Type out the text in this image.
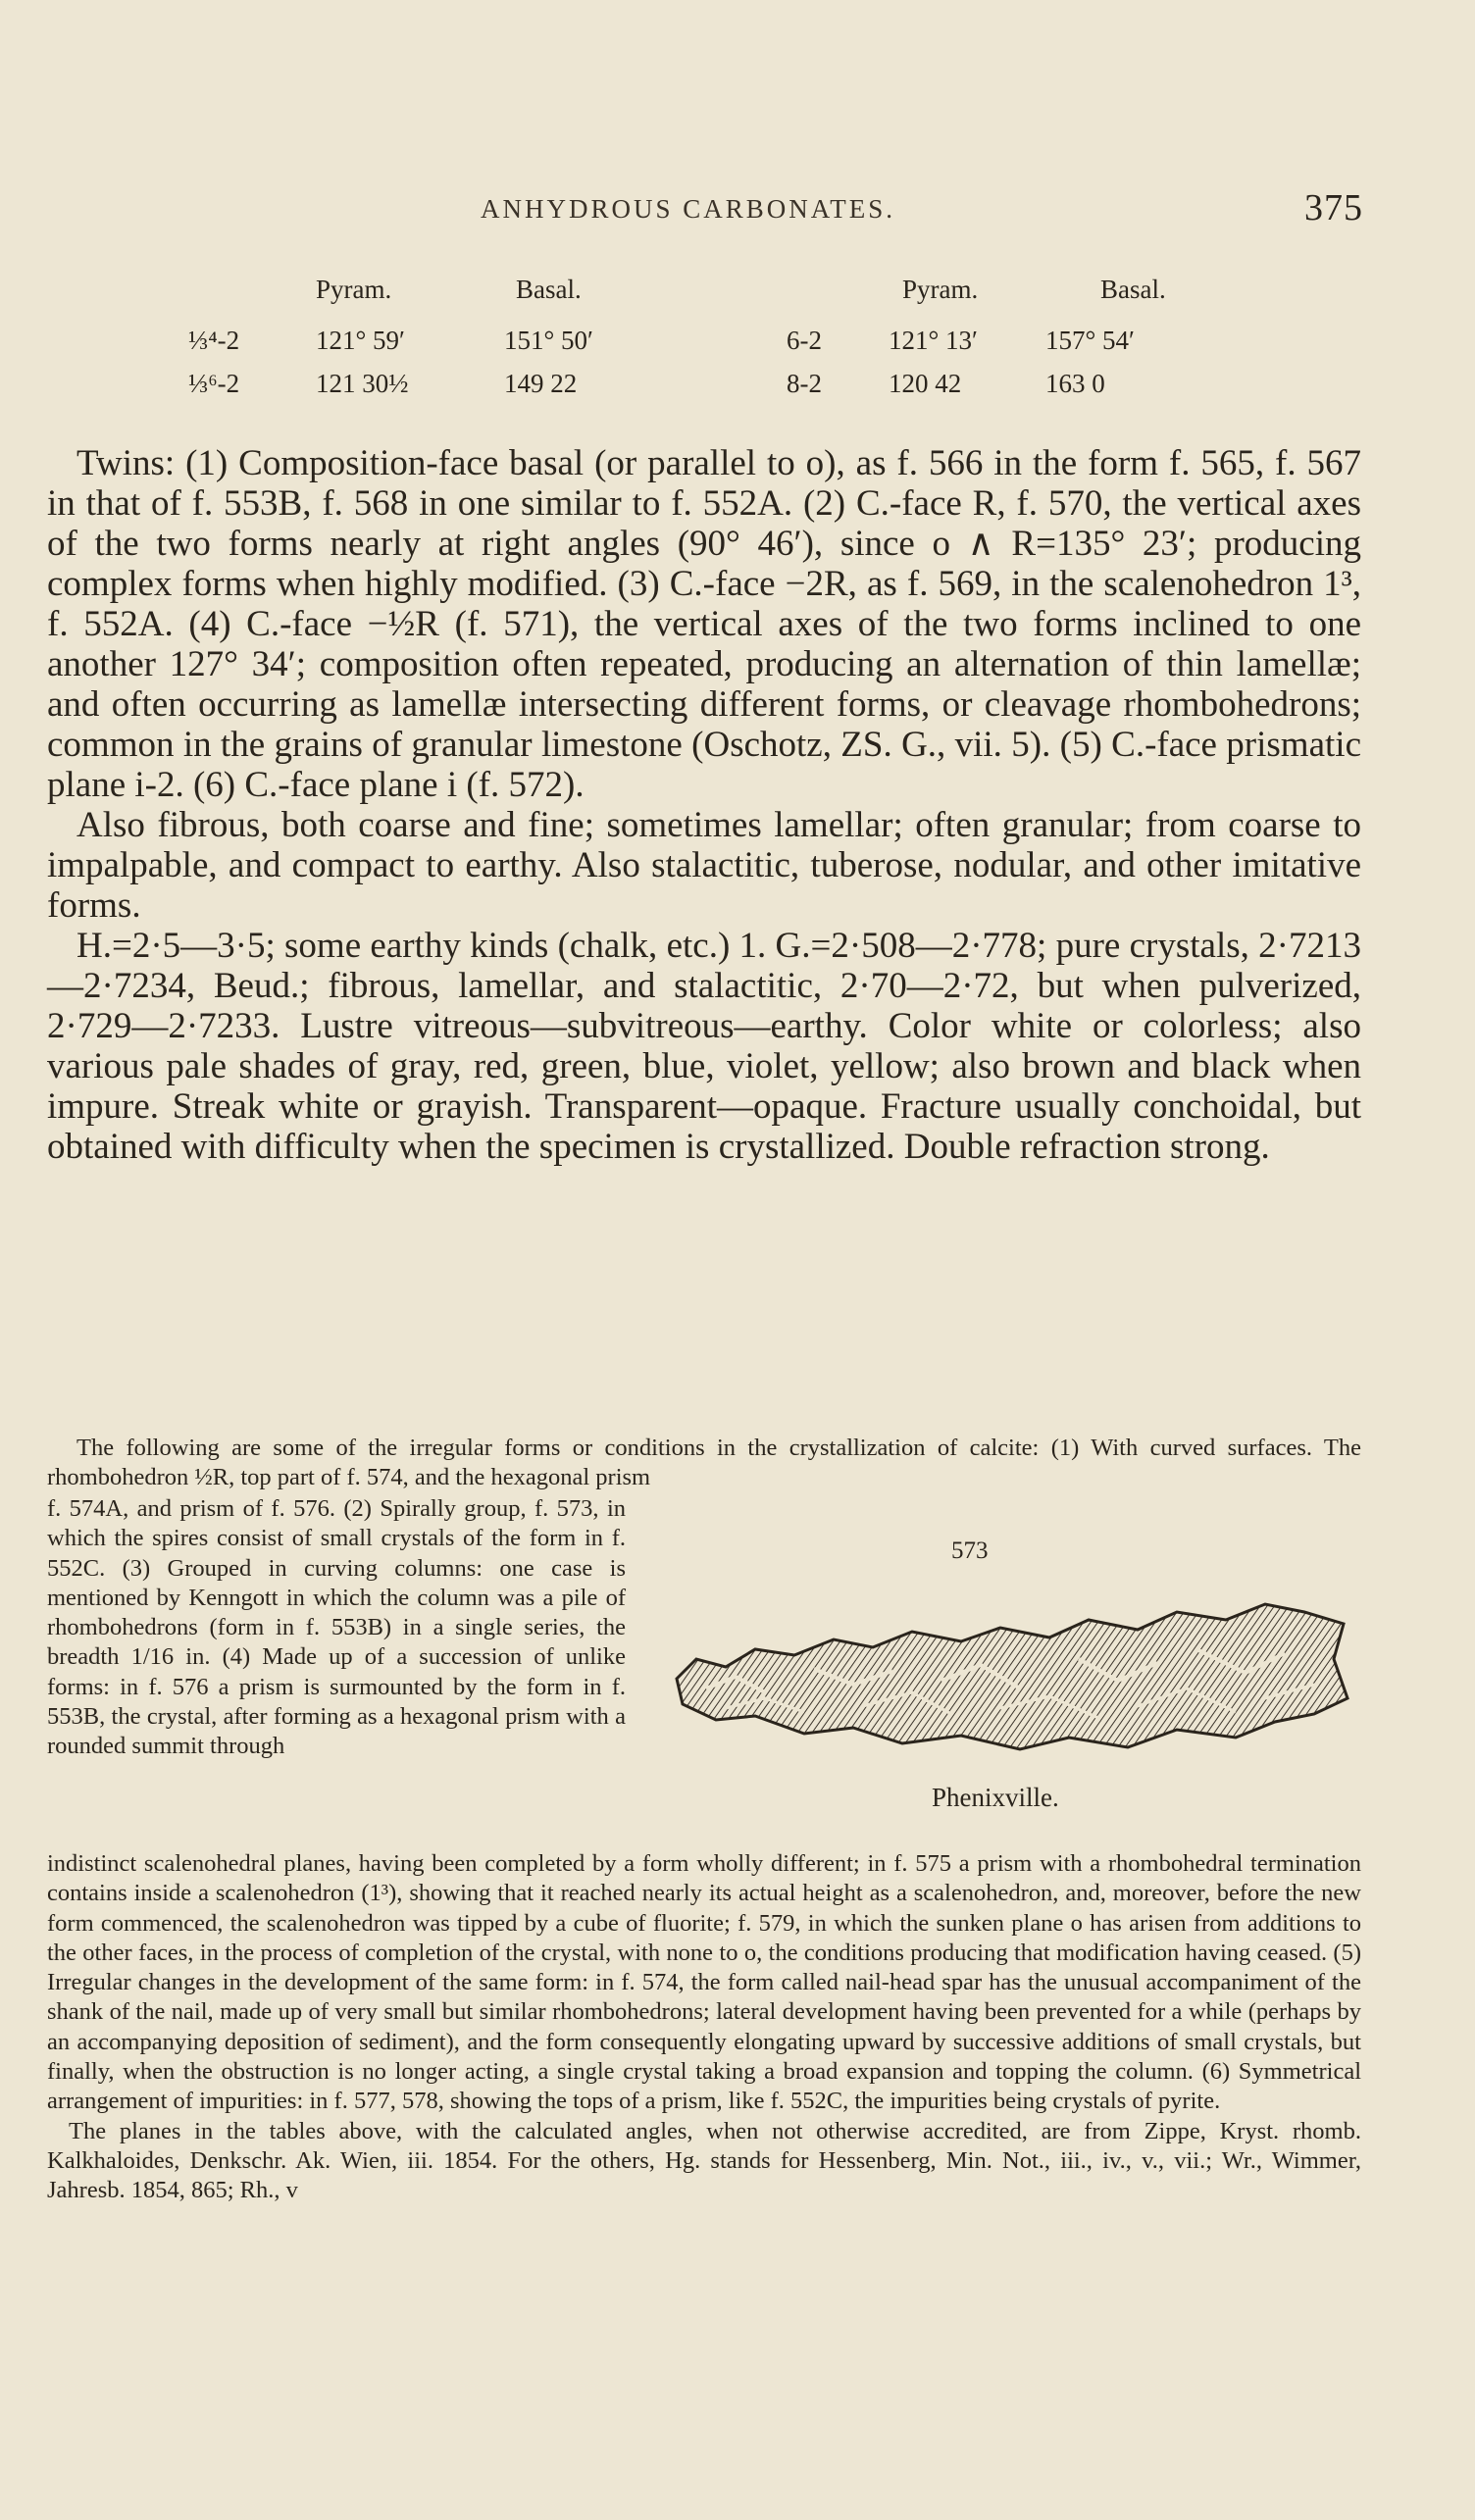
ANHYDROUS CARBONATES.	375
Pyram.	Basal.	Pyram.	Basal.
⅓⁴-2	121° 59′	151° 50′	6-2	121° 13′	157° 54′
⅓⁶-2	121 30½	149 22	8-2	120 42	163 0

Twins: (1) Composition-face basal (or parallel to o), as f. 566 in the form f. 565, f. 567 in that of f. 553B, f. 568 in one similar to f. 552A. (2) C.-face R, f. 570, the vertical axes of the two forms nearly at right angles (90° 46′), since o ∧ R=135° 23′; producing complex forms when highly modified. (3) C.-face −2R, as f. 569, in the scalenohedron 1³, f. 552A. (4) C.-face −½R (f. 571), the vertical axes of the two forms inclined to one another 127° 34′; composition often repeated, producing an alternation of thin lamellæ; and often occurring as lamellæ intersecting different forms, or cleavage rhombohedrons; common in the grains of granular limestone (Oschotz, ZS. G., vii. 5). (5) C.-face prismatic plane i-2. (6) C.-face plane i (f. 572).

Also fibrous, both coarse and fine; sometimes lamellar; often granular; from coarse to impalpable, and compact to earthy. Also stalactitic, tuberose, nodular, and other imitative forms.

H.=2·5—3·5; some earthy kinds (chalk, etc.) 1. G.=2·508—2·778; pure crystals, 2·7213—2·7234, Beud.; fibrous, lamellar, and stalactitic, 2·70—2·72, but when pulverized, 2·729—2·7233. Lustre vitreous—subvitreous—earthy. Color white or colorless; also various pale shades of gray, red, green, blue, violet, yellow; also brown and black when impure. Streak white or grayish. Transparent—opaque. Fracture usually conchoidal, but obtained with difficulty when the specimen is crystallized. Double refraction strong.

The following are some of the irregular forms or conditions in the crystallization of calcite: (1) With curved surfaces. The rhombohedron ½R, top part of f. 574, and the hexagonal prism

f. 574A, and prism of f. 576. (2) Spirally group, f. 573, in which the spires consist of small crystals of the form in f. 552C. (3) Grouped in curving columns: one case is mentioned by Kenngott in which the column was a pile of rhombohedrons (form in f. 553B) in a single series, the breadth 1/16 in. (4) Made up of a succession of unlike forms: in f. 576 a prism is surmounted by the form in f. 553B, the crystal, after forming as a hexagonal prism with a rounded summit through

573
Phenixville.

indistinct scalenohedral planes, having been completed by a form wholly different; in f. 575 a prism with a rhombohedral termination contains inside a scalenohedron (1³), showing that it reached nearly its actual height as a scalenohedron, and, moreover, before the new form commenced, the scalenohedron was tipped by a cube of fluorite; f. 579, in which the sunken plane o has arisen from additions to the other faces, in the process of completion of the crystal, with none to o, the conditions producing that modification having ceased. (5) Irregular changes in the development of the same form: in f. 574, the form called nail-head spar has the unusual accompaniment of the shank of the nail, made up of very small but similar rhombohedrons; lateral development having been prevented for a while (perhaps by an accompanying deposition of sediment), and the form consequently elongating upward by successive additions of small crystals, but finally, when the obstruction is no longer acting, a single crystal taking a broad expansion and topping the column. (6) Symmetrical arrangement of impurities: in f. 577, 578, showing the tops of a prism, like f. 552C, the impurities being crystals of pyrite.

The planes in the tables above, with the calculated angles, when not otherwise accredited, are from Zippe, Kryst. rhomb. Kalkhaloides, Denkschr. Ak. Wien, iii. 1854. For the others, Hg. stands for Hessenberg, Min. Not., iii., iv., v., vii.; Wr., Wimmer, Jahresb. 1854, 865; Rh., v
